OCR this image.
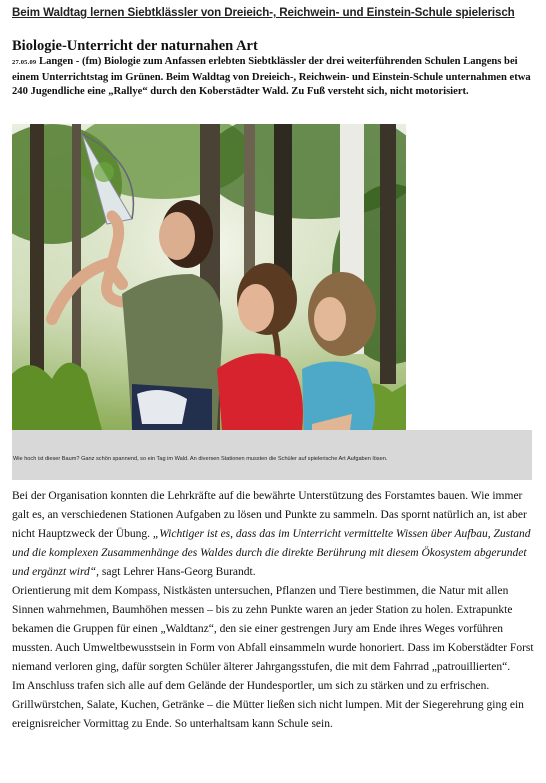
Beim Waldtag lernen Siebtklässler von Dreieich-, Reichwein- und Einstein-Schule spielerisch
Biologie-Unterricht der naturnahen Art
27.05.09 Langen - (fm) Biologie zum Anfassen erlebten Siebtklässler der drei weiterführenden Schulen Langens bei einem Unterrichtstag im Grünen. Beim Waldtag von Dreieich-, Reichwein- und Einstein-Schule unternahmen etwa 240 Jugendliche eine „Rallye“ durch den Koberstädter Wald. Zu Fuß versteht sich, nicht motorisiert.
Wie hoch ist dieser Baum? Ganz schön spannend, so ein Tag im Wald. An diversen Stationen mussten die Schüler auf spielerische Art Aufgaben lösen.

Bei der Organisation konnten die Lehrkräfte auf die bewährte Unterstützung des Forstamtes bauen. Wie immer galt es, an verschiedenen Stationen Aufgaben zu lösen und Punkte zu sammeln. Das spornt natürlich an, ist aber nicht Hauptzweck der Übung. „Wichtiger ist es, dass das im Unterricht vermittelte Wissen über Aufbau, Zustand und die komplexen Zusammenhänge des Waldes durch die direkte Berührung mit diesem Ökosystem abgerundet und ergänzt wird“, sagt Lehrer Hans-Georg Burandt.

Orientierung mit dem Kompass, Nistkästen untersuchen, Pflanzen und Tiere bestimmen, die Natur mit allen Sinnen wahrnehmen, Baumhöhen messen – bis zu zehn Punkte waren an jeder Station zu holen. Extrapunkte bekamen die Gruppen für einen „Waldtanz“, den sie einer gestrengen Jury am Ende ihres Weges vorführen mussten. Auch Umweltbewusstsein in Form von Abfall einsammeln wurde honoriert. Dass im Koberstädter Forst niemand verloren ging, dafür sorgten Schüler älterer Jahrgangsstufen, die mit dem Fahrrad „patrouillierten“.

Im Anschluss trafen sich alle auf dem Gelände der Hundesportler, um sich zu stärken und zu erfrischen. Grillwürstchen, Salate, Kuchen, Getränke – die Mütter ließen sich nicht lumpen. Mit der Siegerehrung ging ein ereignisreicher Vormittag zu Ende. So unterhaltsam kann Schule sein.
